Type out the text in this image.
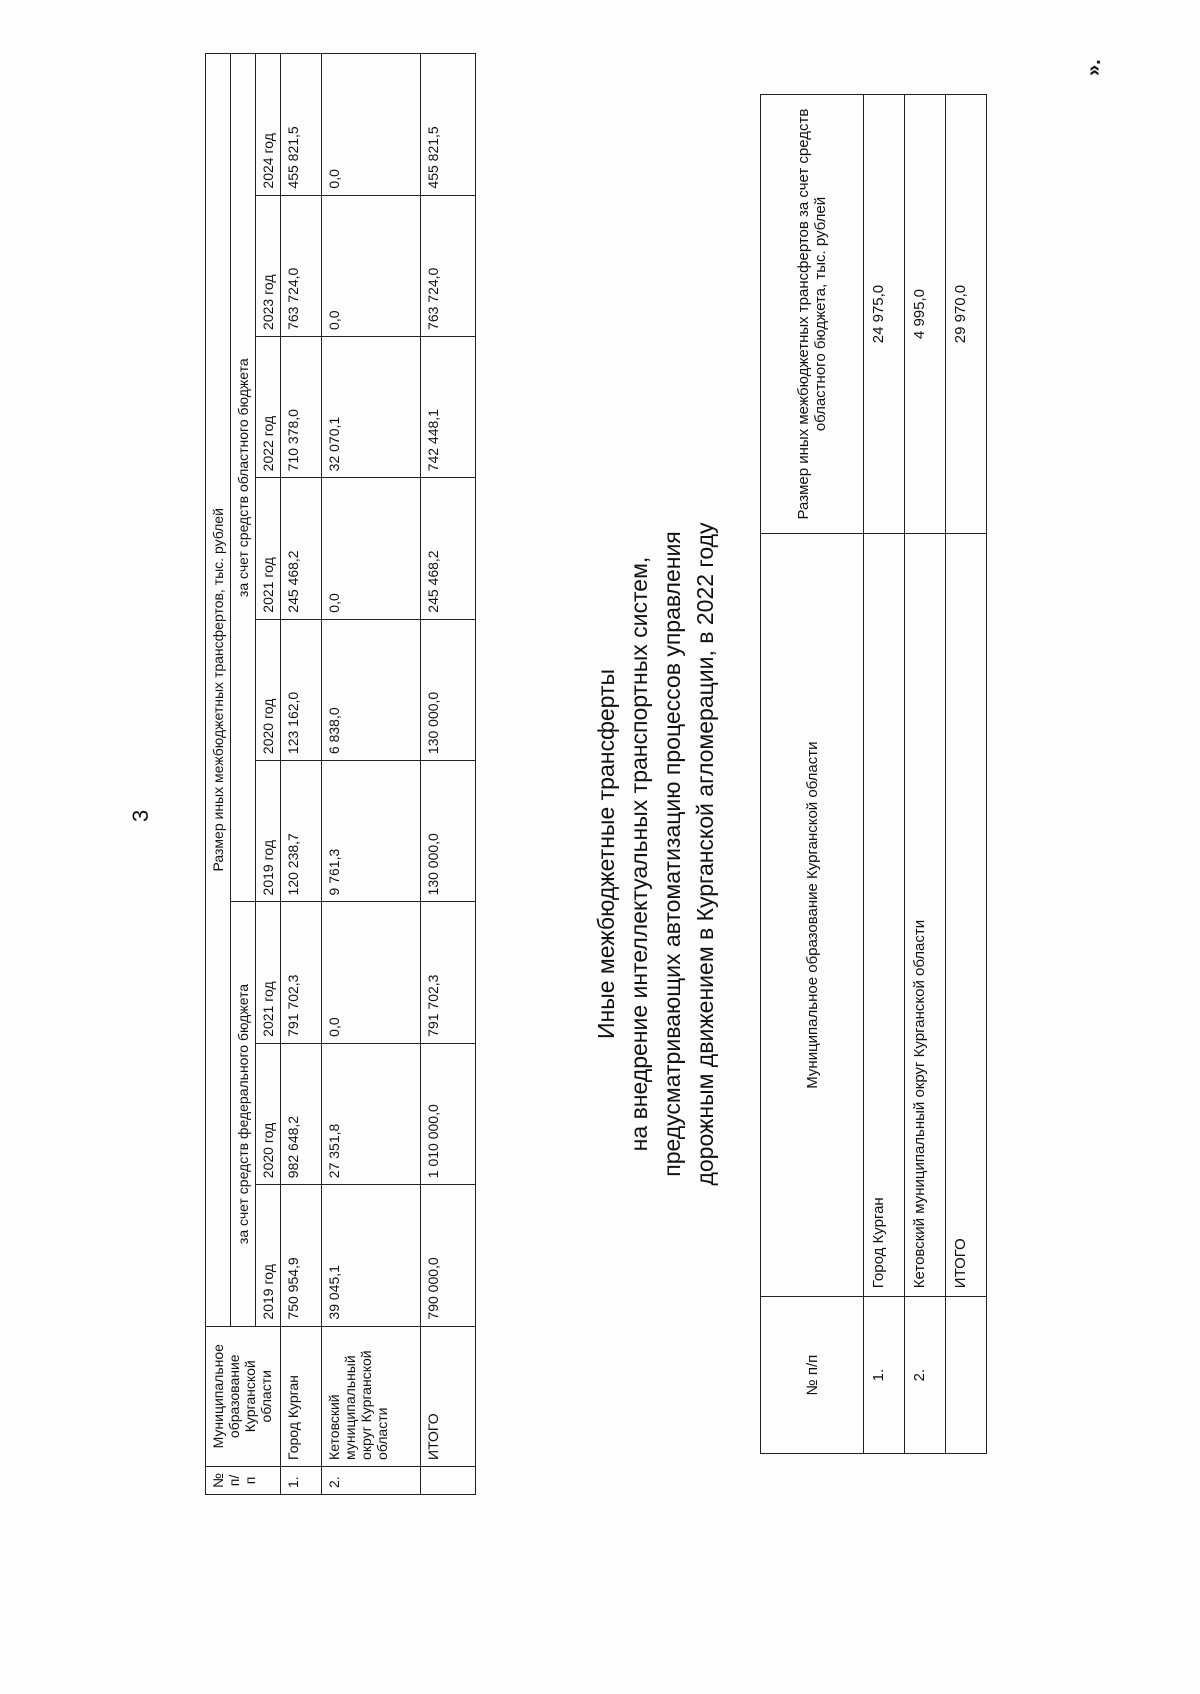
3
№ п/п	Муниципальное образование Курганской области	Размер иных межбюджетных трансфертов, тыс. рублей								
		за счет средств федерального бюджета			за счет средств областного бюджета					
		2019 год	2020 год	2021 год	2019 год	2020 год	2021 год	2022 год	2023 год	2024 год
1.	Город Курган	750 954,9	982 648,2	791 702,3	120 238,7	123 162,0	245 468,2	710 378,0	763 724,0	455 821,5
2.	Кетовский муниципальный округ Курганской области	39 045,1	27 351,8	0,0	9 761,3	6 838,0	0,0	32 070,1	0,0	0,0
	ИТОГО	790 000,0	1 010 000,0	791 702,3	130 000,0	130 000,0	245 468,2	742 448,1	763 724,0	455 821,5
Иные межбюджетные трансферты на внедрение интеллектуальных транспортных систем, предусматривающих автоматизацию процессов управления дорожным движением в Курганской агломерации, в 2022 году
№ п/п	Муниципальное образование Курганской области	Размер иных межбюджетных трансфертов за счет средств областного бюджета, тыс. рублей
1.	Город Курган	24 975,0
2.	Кетовский муниципальный округ Курганской области	4 995,0
	ИТОГО	29 970,0
».
